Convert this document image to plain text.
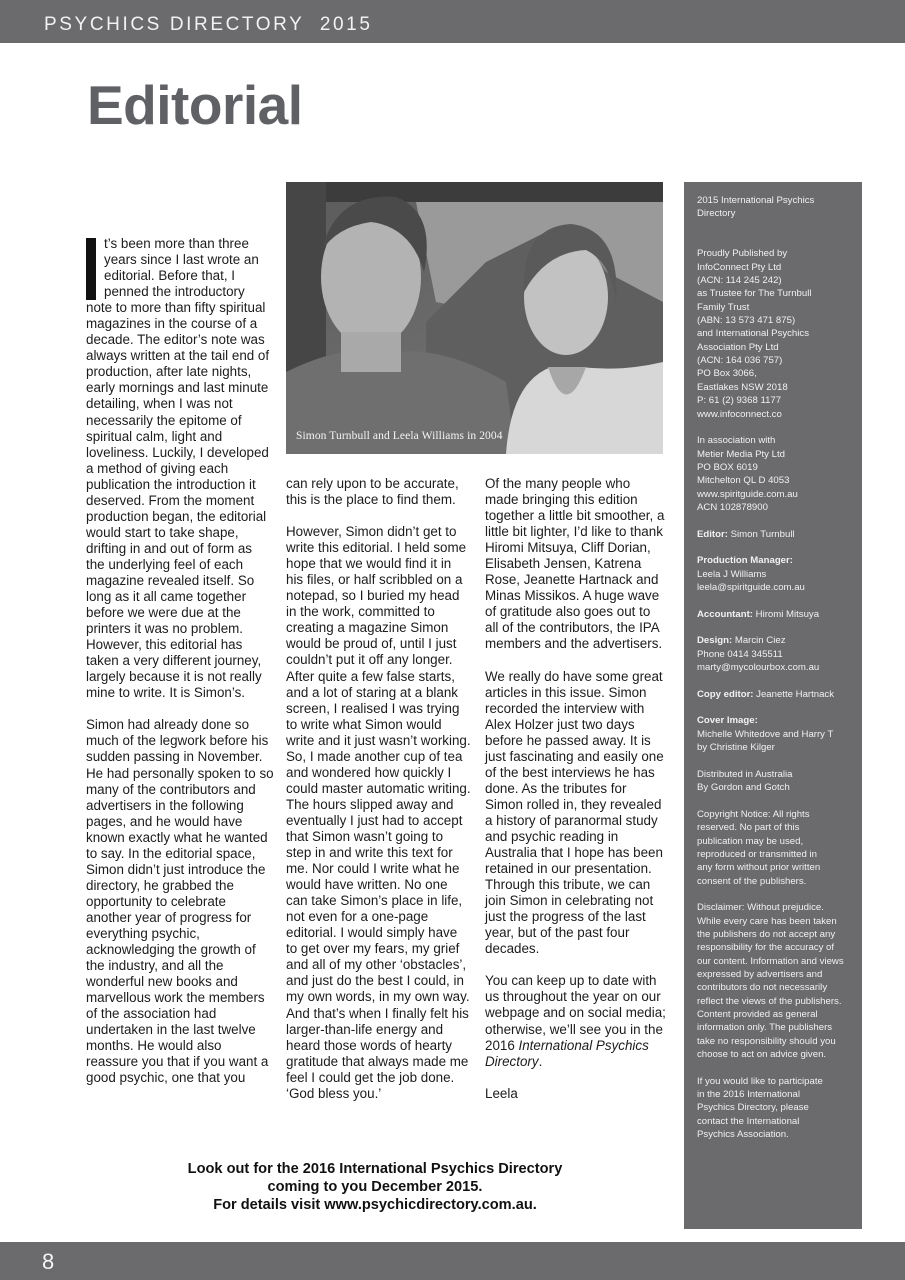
PSYCHICS DIRECTORY  2015
Editorial

t’s been more than three years since I last wrote an editorial. Before that, I penned the introductory note to more than fifty spiritual magazines in the course of a decade. The editor’s note was always written at the tail end of production, after late nights, early mornings and last minute detailing, when I was not necessarily the epitome of spiritual calm, light and loveliness. Luckily, I developed a method of giving each publication the introduction it deserved. From the moment production began, the editorial would start to take shape, drifting in and out of form as the underlying feel of each magazine revealed itself. So long as it all came together before we were due at the printers it was no problem. However, this editorial has taken a very different journey, largely because it is not really mine to write. It is Simon’s.

Simon had already done so much of the legwork before his sudden passing in November. He had personally spoken to so many of the contributors and advertisers in the following pages, and he would have known exactly what he wanted to say. In the editorial space, Simon didn’t just introduce the directory, he grabbed the opportunity to celebrate another year of progress for everything psychic, acknowledging the growth of the industry, and all the wonderful new books and marvellous work the members of the association had undertaken in the last twelve months. He would also reassure you that if you want a good psychic, one that you

Simon Turnbull and Leela Williams in 2004

can rely upon to be accurate, this is the place to find them.

However, Simon didn’t get to write this editorial. I held some hope that we would find it in his files, or half scribbled on a notepad, so I buried my head in the work, committed to creating a magazine Simon would be proud of, until I just couldn’t put it off any longer. After quite a few false starts, and a lot of staring at a blank screen, I realised I was trying to write what Simon would write and it just wasn’t working. So, I made another cup of tea and wondered how quickly I could master automatic writing. The hours slipped away and eventually I just had to accept that Simon wasn’t going to step in and write this text for me. Nor could I write what he would have written. No one can take Simon’s place in life, not even for a one-page editorial. I would simply have to get over my fears, my grief and all of my other ‘obstacles’, and just do the best I could, in my own words, in my own way. And that’s when I finally felt his larger-than-life energy and heard those words of hearty gratitude that always made me feel I could get the job done. ‘God bless you.’

Of the many people who made bringing this edition together a little bit smoother, a little bit lighter, I’d like to thank Hiromi Mitsuya, Cliff Dorian, Elisabeth Jensen, Katrena Rose, Jeanette Hartnack and Minas Missikos. A huge wave of gratitude also goes out to all of the contributors, the IPA members and the advertisers.

We really do have some great articles in this issue. Simon recorded the interview with Alex Holzer just two days before he passed away. It is just fascinating and easily one of the best interviews he has done. As the tributes for Simon rolled in, they revealed a history of paranormal study and psychic reading in Australia that I hope has been retained in our presentation. Through this tribute, we can join Simon in celebrating not just the progress of the last year, but of the past four decades.

You can keep up to date with us throughout the year on our webpage and on social media; otherwise, we’ll see you in the 2016 International Psychics Directory.

Leela

2015 International Psychics
Directory
Proudly Published by
InfoConnect Pty Ltd
(ACN: 114 245 242)
as Trustee for The Turnbull
Family Trust
(ABN: 13 573 471 875)
and International Psychics
Association Pty Ltd
(ACN: 164 036 757)
PO Box 3066,
Eastlakes NSW 2018
P: 61 (2) 9368 1177
www.infoconnect.co
In association with
Metier Media Pty Ltd
PO BOX 6019
Mitchelton QL D 4053
www.spiritguide.com.au
ACN 102878900
Editor: Simon Turnbull
Production Manager:
Leela J Williams
leela@spiritguide.com.au
Accountant: Hiromi Mitsuya
Design: Marcin Ciez
Phone 0414 345511
marty@mycolourbox.com.au
Copy editor: Jeanette Hartnack
Cover Image:
Michelle Whitedove and Harry T
by Christine Kilger
Distributed in Australia
By Gordon and Gotch
Copyright Notice: All rights
reserved. No part of this
publication may be used,
reproduced or transmitted in
any form without prior written
consent of the publishers.
Disclaimer: Without prejudice.
While every care has been taken
the publishers do not accept any
responsibility for the accuracy of
our content. Information and views
expressed by advertisers and
contributors do not necessarily
reflect the views of the publishers.
Content provided as general
information only. The publishers
take no responsibility should you
choose to act on advice given.
If you would like to participate
in the 2016 International
Psychics Directory, please
contact the International
Psychics Association.
Look out for the 2016 International Psychics Directory
coming to you December 2015.
For details visit www.psychicdirectory.com.au.
8
